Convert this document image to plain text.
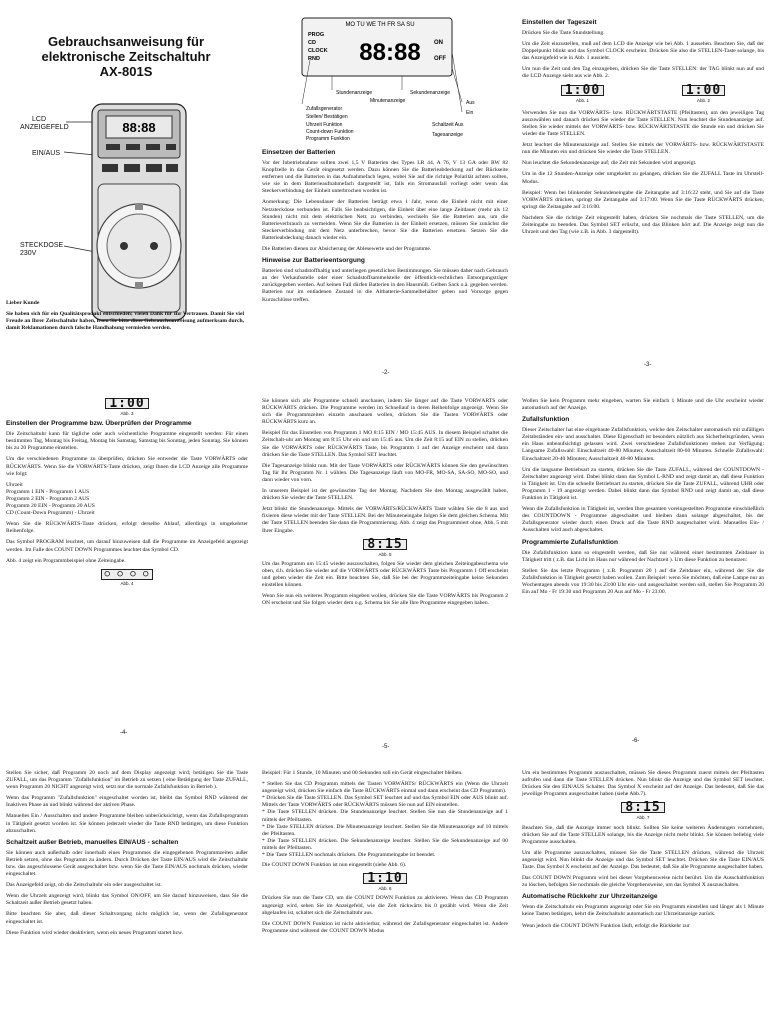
Gebrauchsanweisung für
elektronische Zeitschaltuhr
AX-801S
LCD
ANZEIGEFELD
EIN/AUS
STECKDOSE
230V
88:88

Lieber Kunde

Sie haben sich für ein Qualitätsprodukt entschieden; vielen Dank für Ihr Vertrauen. Damit Sie viel Freude an Ihrer Zeitschaltuhr haben, lesen Sie bitte diese Gebrauchsanweisung aufmerksam durch, damit Reklamationen durch falsche Handhabung vermieden werden.

MO TU WE TH FR SA SU
PROG
CD
CLOCK
RND 88:88 ON
OFF
Stundenanzeige
Minutenanzeige
Sekundenanzeige
Aus
Ein
Zufallsgenerator
Stellen/ Bestätigen
Uhrzeit Funktion
Count-down Funktion
Programm Funktion
Schaltzeit Aus
Tagesanzeige
Einsetzen der Batterien

Vor der Inbetriebnahme sollten zwei 1,5 V Batterien des Types LR 44, A 76, V 13 GA oder RW 82 Knopfzelle in das Gerät eingesetzt werden. Dazu können Sie die Batterieabdeckung auf der Rückseite entfernen und die Batterien in das Aufnahmefach legen, wobei Sie auf die richtige Polarität achten sollten, wie sie in dem Batterieaufnahmefach dargestellt ist, falls ein Stromausfall vorliegt oder wenn das Steckerverbindung der Einheit unterbrochen worden ist.

Anmerkung: Die Lebensdauer der Batterien beträgt etwa 1 Jahr, wenn die Einheit nicht mit einer Netzsteckdose verbunden ist. Falls Sie beabsichtigen, die Einheit über eine lange Zeitdauer (mehr als 12 Stunden) nicht mit dem elektrischen Netz zu verbinden, wechseln Sie die Batterien aus, um die Batterieverbrauch zu vermeiden. Wenn Sie die Batterien in der Einheit ersetzen, müssen Sie zunächst die Steckerverbindung mit dem Netz unterbrechen, bevor Sie die Batterien ersetzen. Setzen Sie die Batterieabdeckung danach wieder ein.

Die Batterien dienen zur Absicherung der Ablesewerte und der Programme.

Hinweise zur Batterieentsorgung

Batterien sind schadstoffhaltig und unterliegen gesetzlichen Bestimmungen. Sie müssen daher nach Gebrauch an der Verkaufsstelle oder einer Schadstoffsammelstelle der öffentlich-rechtlichen Entsorgungsträger zurückgegeben werden. Auf keinen Fall dürfen Batterien in den Hausmüll. Gelben Sack o.ä. gegeben werden. Batterien nur im entladenen Zustand in die Altbatterie-Sammelbehälter geben und Vorsorge gegen Kurzschlüsse treffen.

-2-
Einstellen der Tageszeit

Drücken Sie die Taste Stundstellung.

Um die Zeit einzustellen, muß auf dem LCD die Anzeige wie bei Abb. 1 aussehen. Beachten Sie, daß der Doppelpunkt blinkt und das Symbol CLOCK erscheint. Drücken Sie also die STELLEN-Taste solange, bis das Anzeigefeld wie in Abb. 1 aussieht.

Um nun die Zeit und den Tag einzugeben, drücken Sie die Taste STELLEN: der TAG blinkt nun auf und die LCD Anzeige sieht aus wie Abb. 2.

1:00
Abb. 1
1:00
Abb. 2

Verwenden Sie nun die VORWÄRTS- bzw. RÜCKWÄRTSTASTE (Pfeiltasten), um den jeweiligen Tag auszuwählen und danach drücken Sie wieder die Taste STELLEN. Nun leuchtet die Stundenanzeige auf. Stellen Sie wieder mittels der VORWÄRTS- bzw. RÜCKWÄRTSTASTE die Stunde ein und drücken Sie wieder die Taste STELLEN.

Jetzt leuchtet die Minutenanzeige auf. Stellen Sie mittels der VORWÄRTS- bzw. RÜCKWÄRTSTASTE nun die Minuten ein und drücken Sie wieder die Taste STELLEN.

Nun leuchtet die Sekundenanzeige auf; die Zeit mit Sekunden wird angezeigt.

Um in die 12 Stunden-Anzeige oder umgekehrt zu gelangen, drücken Sie die ZUFALL Taste im Uhrstell-Modus.

Beispiel: Wenn bei blinkender Sekundeneingabe die Zeitangabe auf 3:16:22 steht, und Sie auf die Taste VORWÄRTS drücken, springt die Zeitangabe auf 3:17:00. Wenn Sie die Taste RÜCKWÄRTS drücken, springt die Zeitangabe auf 3:16:00.

Nachdem Sie die richtige Zeit eingestellt haben, drücken Sie nochmals die Taste STELLEN, um die Zeiteingabe zu beenden. Das Symbol SET erlischt, und das Blinken hört auf. Die Anzeige zeigt nun die Uhrzeit und den Tag (wie z.B. in Abb. 3 dargestellt).

-3-
1:00
Abb. 3
Einstellen der Programme bzw. Überprüfen der Programme

Die Zeitschaltuhr kann für tägliche oder auch wöchentliche Programme eingestellt werden: Für einen bestimmten Tag, Montag bis Freitag, Montag bis Samstag, Samstag bis Sonntag, jeden Sonntag. Sie können bis zu 20 Programme einstellen.

Um die verschiedenen Programme zu überprüfen, drücken Sie entweder die Taste VORWÄRTS oder RÜCKWÄRTS. Wenn Sie die VORWÄRTS-Taste drücken, zeigt Ihnen die LCD Anzeige alle Programme wie folgt:

Uhrzeit
Programm 1 EIN - Programm 1 AUS
Programm 2 EIN - Programm 2 AUS
Programm 20 EIN - Programm 20 AUS
CD (Count-Down Programm) - Uhrzeit

Wenn Sie die RÜCKWÄRTS-Taste drücken, erfolgt derselbe Ablauf, allerdings in umgekehrter Reihenfolge.

Das Symbol PROGRAM leuchtet, um darauf hinzuweisen daß die Programme im Anzeigefeld angezeigt werden. Im Falle des COUNT DOWN Programmes leuchtet das Symbol CD.

Abb. 4 zeigt ein Programmbeispiel ohne Zeiteingabe.

○ ○ ○ ○
Abb. 4
-4-

Sie können sich alle Programme schnell anschauen, indem Sie länger auf die Taste VORWÄRTS oder RÜCKWÄRTS drücken. Die Programme werden im Schnellauf in deren Reihenfolge angezeigt. Wenn Sie sich die Programmzeiten einzeln anschauen wollen, drücken Sie die Tasten VORWÄRTS oder RÜCKWÄRTS kurz an.

Beispiel für das Einstellen von Programm 1 MO 8:15 EIN / MO 15:45 AUS. In diesem Beispiel schaltet die Zeitschalt-uhr am Montag um 8:15 Uhr ein und um 15:45 aus. Um die Zeit 8:15 auf EIN zu stellen, drücken Sie die VORWÄRTS oder RÜCKWÄRTS Taste, bis Programm 1 auf der Anzeige erscheint und dann drücken Sie die Taste STELLEN. Das Symbol SET leuchtet.

Die Tagesanzeige blinkt nun. Mit der Taste VORWÄRTS oder RÜCKWÄRTS können Sie den gewünschten Tag für Ihr Programm Nr. 1 wählen. Die Tagesanzeige läuft von MO-FR, MO-SA, SA-SO, MO-SO, und dann wieder von vorn.

In unserem Beispiel ist der gewünschte Tag der Montag. Nachdem Sie den Montag ausgewählt haben, drücken Sie wieder die Taste STELLEN.

Jetzt blinkt die Stundenanzeige. Mittels der VORWÄRTS/RÜCKWÄRTS Taste wählen Sie die 8 aus und fixieren diese wieder mit der Taste STELLEN. Bei der Minuteneingabe folgen Sie dem gleichen Schema. Mit der Taste STELLEN beenden Sie dann die Programmierung. Abb. 4 zeigt das Programmiert ohne, Abb. 5 mit Ihrer Eingabe.

8:15
Abb. 5

Um das Programm um 15:45 wieder auszuschalten, folgen Sie wieder dem gleichen Zeiteingabeschema wie oben, d.h. drücken Sie wieder auf die VORWÄRTS oder RÜCKWÄRTS Taste bis Programm 1 Off erscheint und geben wieder die Zeit ein. Bitte beachten Sie, daß Sie bei der Programmzeiteingabe keine Sekunden einstellen können.

Wenn Sie nun ein weiteres Programm eingeben wollen, drücken Sie die Taste VORWÄRTS bis Programm 2 ON erscheint und Sie folgen wieder dem o.g. Schema bis Sie alle Ihre Programme eingegeben haben.

-5-

Wollen Sie kein Programm mehr eingeben, warten Sie einfach 1 Minute und die Uhr erscheint wieder automatisch auf der Anzeige.

Zufallsfunktion

Dieser Zeitschalter hat eine eingebaute Zufallsfunktion, welche den Zeitschalter automatisch mit zufälligen Zeitabständen ein- und ausschaltet. Diese Eigenschaft ist besonders nützlich aus Sicherheitsgründen, wenn ein Haus unbeaufsichtigt gelassen wird. Zwei verschiedene Zufallsfunktionen stehen zur Verfügung: Langsame Zufallswahl: Einschaltzeit 40-80 Minuten; Ausschaltzeit 80-60 Minuten. Schnelle Zufallswahl: Einschaltzeit 20-40 Minuten; Ausschaltzeit 40-80 Minuten.

Um die langsame Betriebsart zu starten, drücken Sie die Taste ZUFALL, während der COUNTDOWN - Zeitschalter angezeigt wird. Dabei blinkt dann das Symbol L-RND und zeigt damit an, daß diese Funktion in Tätigkeit ist. Um die schnelle Betriebsart zu starten, drücken Sie die Taste ZUFALL, während UHR oder Programm 1 - 19 angezeigt werden. Dabei blinkt dann das Symbol RND und zeigt damit an, daß diese Funktion in Tätigkeit ist.

Wenn die Zufallsfunktion in Tätigkeit ist, werden Ihre gesamten voreingestellten Programme einschließlich des COUNTDOWN - Programme abgeschaltet und bleiben dann solange abgeschaltet, bis der Zufallsgenerator wieder durch einen Druck auf die Taste RND ausgeschaltet wird. Manuelles Ein- / Ausschalten wird auch abgeschaltet.

Programmierte Zufallsfunktion

Die Zufallsfunktion kann so eingestellt werden, daß Sie nur während einer bestimmten Zeitdauer in Tätigkeit tritt ( z.B. das Licht im Haus nur während der Nachtzeit ). Um diese Funktion zu benutzen:

Stellen Sie das letzte Programm ( z.B. Programm 20 ) auf die Zeitdauer ein, während der Sie die Zufallsfunktion in Tätigkeit gesetzt haben wollen. Zum Beispiel: wenn Sie möchten, daß eine Lampe nur an Wochentagen abends von 19:30 bis 23:00 Uhr ein- und ausgeschaltet werden soll, stellen Sie Programm 20 Ein auf Mo - Fr 19:30 und Programm 20 Aus auf Mo - Fr 23:00.

-6-

Stellen Sie sicher, daß Programm 20 noch auf dem Display angezeigt wird; betätigen Sie die Taste ZUFALL, um das Programm "Zufallsfunktion" im Betrieb zu setzen ( eine Betätigung der Taste ZUFALL, wenn Programm 20 NICHT angezeigt wird, setzt nur die normale Zufallsfunktion in Betrieb ).

Wenn das Programm "Zufallsfunktion" eingeschaltet worden ist, bleibt das Symbol RND während der Inaktiven Phase an und blinkt während der aktiven Phase.

Manuelles Ein / Ausschalten und andere Programme bleiben unberücksichtigt, wenn das Zufallsprogramm in Tätigkeit gesetzt worden ist. Sie können jederzeit wieder die Taste RND betätigen, um diese Funktion abzuschalten.

Schaltzeit außer Betrieb, manuelles EIN/AUS - schalten

Sie können auch außerhalb oder innerhalb eines Programmes die eingegebenen Programmzeiten außer Betrieb setzen, ohne das Programm zu ändern. Durch Drücken der Taste EIN/AUS wird die Zeitschaltuhr bzw. das angeschlossene Gerät ausgeschaltet bzw. wenn Sie die Taste EIN/AUS nochmals drücken, wieder eingeschaltet.

Das Anzeigefeld zeigt, ob die Zeitschaltuhr ein oder ausgeschaltet ist.

Wenn die Uhrzeit angezeigt wird, blinkt das Symbol ON/OFF, um Sie darauf hinzuweisen, dass Sie die Schaltzeit außer Betrieb gesetzt haben.

Bitte beachten Sie aber, daß dieser Schaltvorgang nicht möglich ist, wenn der Zufallsgenerator eingeschaltet ist.

Diese Funktion wird wieder deaktiviert, wenn ein neues Programm startet bzw.

Beispiel: Für 1 Stunde, 10 Minuten und 00 Sekunden soll ein Gerät eingeschaltet bleiben.

* Stellen Sie das CD Programm mittels der Tasten VORWÄRTS/ RÜCKWÄRTS ein (Wenn die Uhrzeit angezeigt wird, drücken Sie einfach die Taste RÜCKWÄRTS einmal und dann erscheint das CD Programm).
* Drücken Sie die Taste STELLEN. Das Symbol SET leuchtet auf und das Symbol EIN oder AUS blinkt auf. Mittels der Taste VORWÄRTS oder RÜCKWÄRTS müssen Sie nun auf EIN einstellen.
* Die Taste STELLEN drücken. Die Stundenanzeige leuchtet. Stellen Sie nun die Stundenanzeige auf 1 mittels der Pfeiltasten.
* Die Taste STELLEN drücken. Die Minutenanzeige leuchtet. Stellen Sie die Minutenanzeige auf 10 mittels der Pfeiltasten.
* Die Taste STELLEN drücken. Die Sekundenanzeige leuchtet. Stellen Sie die Sekundenanzeige auf 00 mittels der Pfeiltasten.
* Die Taste STELLEN nochmals drücken. Die Programmeingabe ist beendet.

Die COUNT DOWN Funktion ist nun eingestellt (siehe Abb. 6).

1:10
Abb. 6

Drücken Sie nun die Taste CD, um die COUNT DOWN Funktion zu aktivieren. Wenn das CD Programm angezeigt wird, sehen Sie im Anzeigefeld, wie die Zeit rückwärts bis 0 gezählt wird. Wenn die Zeit abgelaufen ist, schaltet sich die Zeitschaltuhr aus.

Die COUNT DOWN Funktion ist nicht aktivierbar, während der Zufallsgenerator eingeschaltet ist. Andere Programme sind während der COUNT DOWN Modus

Um ein bestimmtes Programm auszuschalten, müssen Sie dieses Programm zuerst mittels der Pfeiltasten aufrufen und dann die Taste STELLEN drücken. Nun blinkt die Anzeige und das Symbol SET leuchtet. Drücken Sie den EIN/AUS Schalter. Das Symbol X erscheint auf der Anzeige. Das bedeutet, daß Sie das jeweilige Programm ausgeschaltet haben (siehe Abb.7).

8:15
Abb. 7

Beachten Sie, daß die Anzeige immer noch blinkt. Sollten Sie keine weiteren Änderungen vornehmen, drücken Sie auf die Taste STELLEN solange, bis die Anzeige nicht mehr blinkt. Sie können beliebig viele Programme ausschalten.

Um alle Programme auszuschalten, müssen Sie die Taste STELLEN drücken, während die Uhrzeit angezeigt wird. Nun blinkt die Anzeige und das Symbol SET leuchtet. Drücken Sie die Taste EIN/AUS Taste. Das Symbol X erscheint auf der Anzeige. Das bedeutet, daß Sie alle Programme ausgeschaltet haben.

Das COUNT DOWN Programm wird bei dieser Vorgehensweise nicht berührt. Um die Ausschaltfunktion zu löschen, befolgen Sie nochmals die gleiche Vorgehensweise, um das Symbol X auszuschalten.

Automatische Rückkehr zur Uhrzeitanzeige

Wenn die Zeitschaltuhr ein Programm angezeigt oder Sie ein Programm einstellen und länger als 1 Minute keine Tasten betätigen, kehrt die Zeitschaltuhr automatisch zur Uhrzeitanzeige zurück.

Wenn jedoch die COUNT DOWN Funktion läuft, erfolgt die Rückkehr zur
